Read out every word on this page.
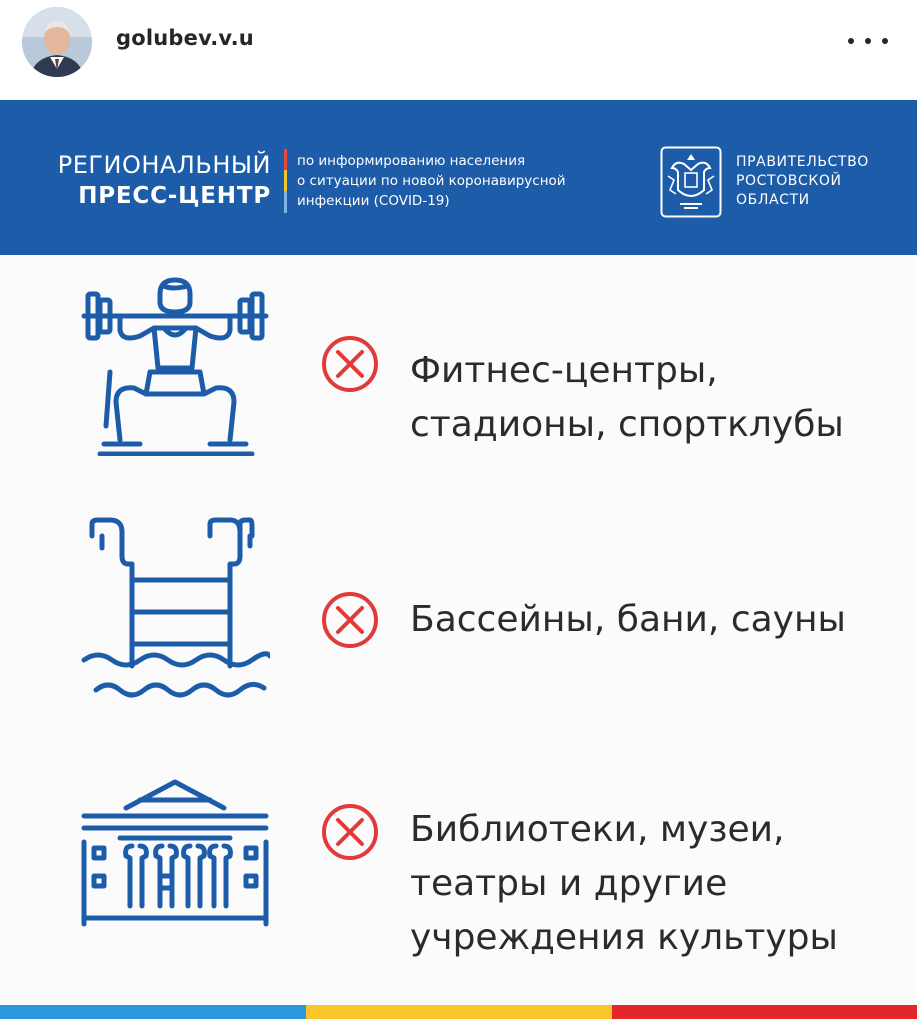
golubev.v.u
РЕГИОНАЛЬНЫЙ
ПРЕСС-ЦЕНТР
по информированию населения
о ситуации по новой коронавирусной
инфекции (COVID-19)
ПРАВИТЕЛЬСТВО
РОСТОВСКОЙ
ОБЛАСТИ
Фитнес-центры,
стадионы, спортклубы
Бассейны, бани, сауны
Библиотеки, музеи,
театры и другие
учреждения культуры
